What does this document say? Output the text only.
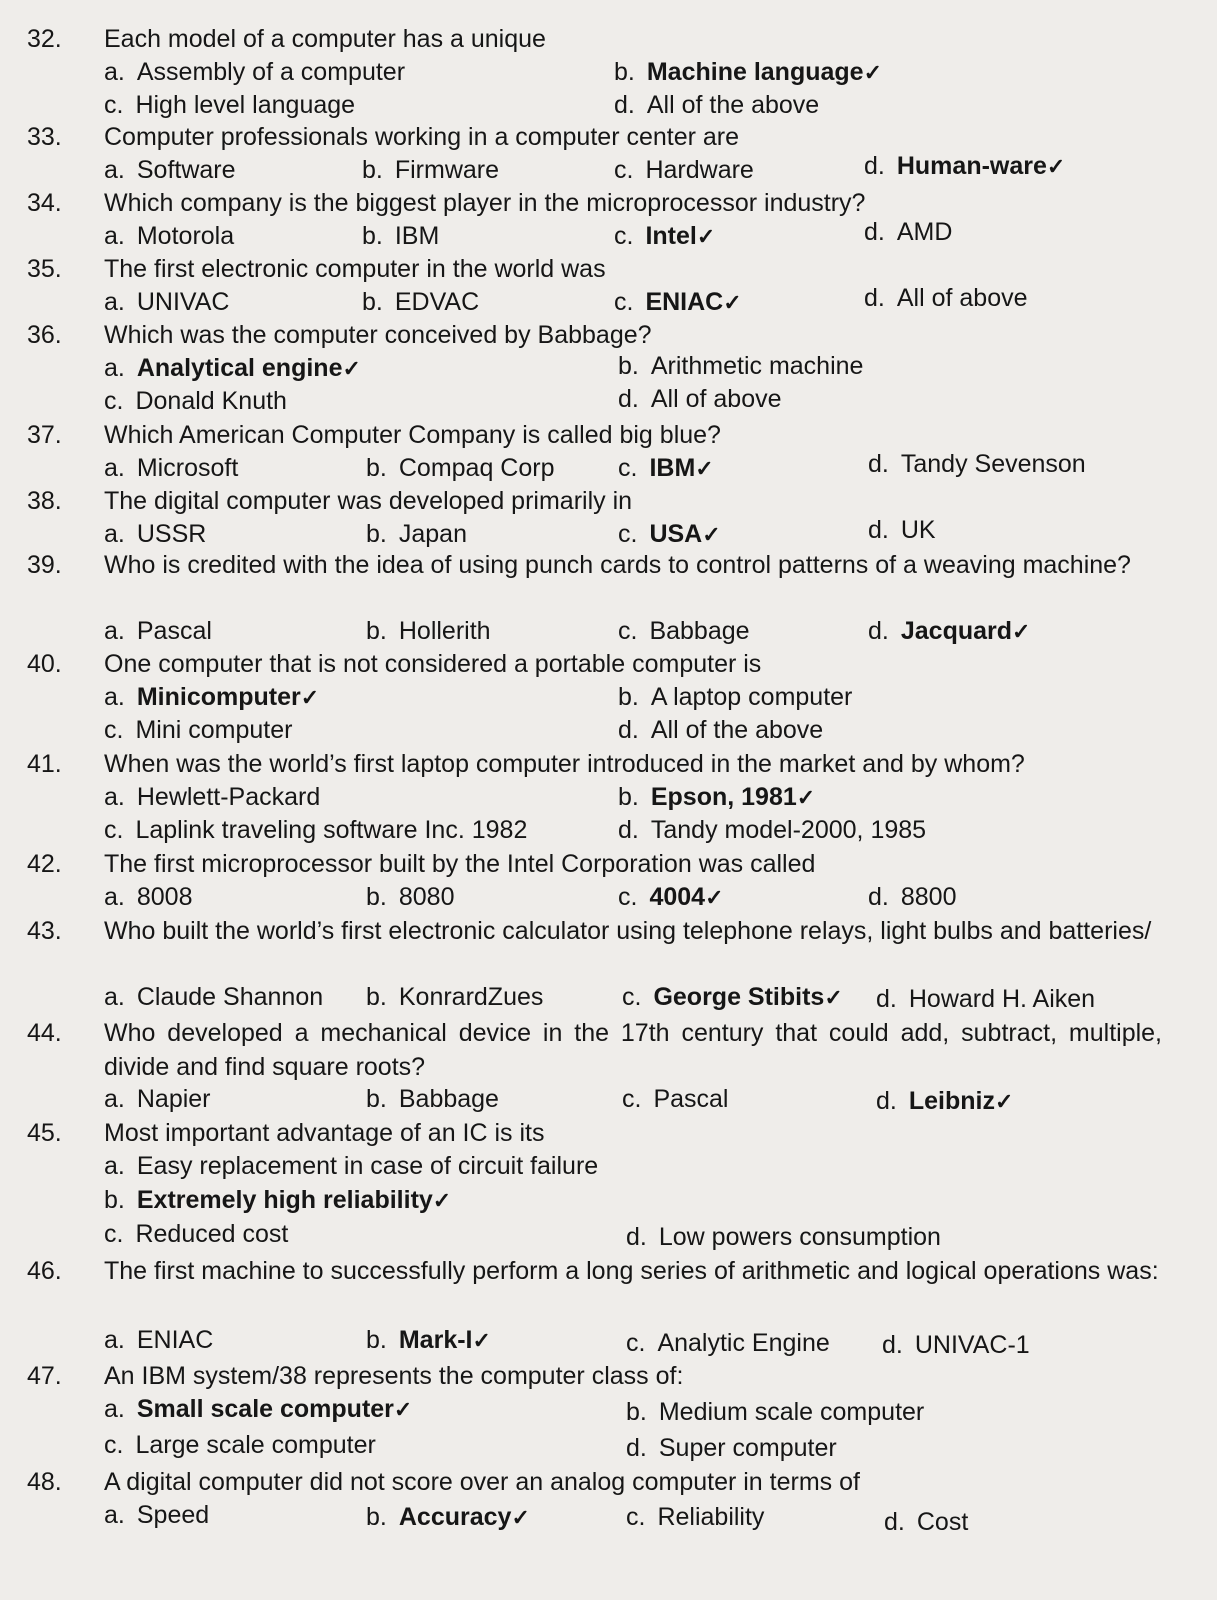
32. Each model of a computer has a unique
a. Assembly of a computer	b. Machine language✓
c. High level language	d. All of the above
33. Computer professionals working in a computer center are
a. Software	b. Firmware	c. Hardware	d. Human-ware✓
34. Which company is the biggest player in the microprocessor industry?
a. Motorola	b. IBM	c. Intel✓	d. AMD
35. The first electronic computer in the world was
a. UNIVAC	b. EDVAC	c. ENIAC✓	d. All of above
36. Which was the computer conceived by Babbage?
a. Analytical engine✓	b. Arithmetic machine
c. Donald Knuth	d. All of above
37. Which American Computer Company is called big blue?
a. Microsoft	b. Compaq Corp	c. IBM✓	d. Tandy Sevenson
38. The digital computer was developed primarily in
a. USSR	b. Japan	c. USA✓	d. UK
39. Who is credited with the idea of using punch cards to control patterns of a weaving machine?
a. Pascal	b. Hollerith	c. Babbage	d. Jacquard✓
40. One computer that is not considered a portable computer is
a. Minicomputer✓	b. A laptop computer
c. Mini computer	d. All of the above
41. When was the world’s first laptop computer introduced in the market and by whom?
a. Hewlett-Packard	b. Epson, 1981✓
c. Laplink traveling software Inc. 1982	d. Tandy model-2000, 1985
42. The first microprocessor built by the Intel Corporation was called
a. 8008	b. 8080	c. 4004✓	d. 8800
43. Who built the world’s first electronic calculator using telephone relays, light bulbs and batteries/
a. Claude Shannon b. KonrardZues	c. George Stibits✓ d. Howard H. Aiken
44. Who developed a mechanical device in the 17th century that could add, subtract, multiple, divide and find square roots?
a. Napier	b. Babbage	c. Pascal	d. Leibniz✓
45. Most important advantage of an IC is its
a. Easy replacement in case of circuit failure
b. Extremely high reliability✓
c. Reduced cost	d. Low powers consumption
46. The first machine to successfully perform a long series of arithmetic and logical operations was:
a. ENIAC	b. Mark-I✓	c. Analytic Engine d. UNIVAC-1
47. An IBM system/38 represents the computer class of:
a. Small scale computer✓	b. Medium scale computer
c. Large scale computer	d. Super computer
48. A digital computer did not score over an analog computer in terms of
a. Speed	b. Accuracy✓	c. Reliability	d. Cost
